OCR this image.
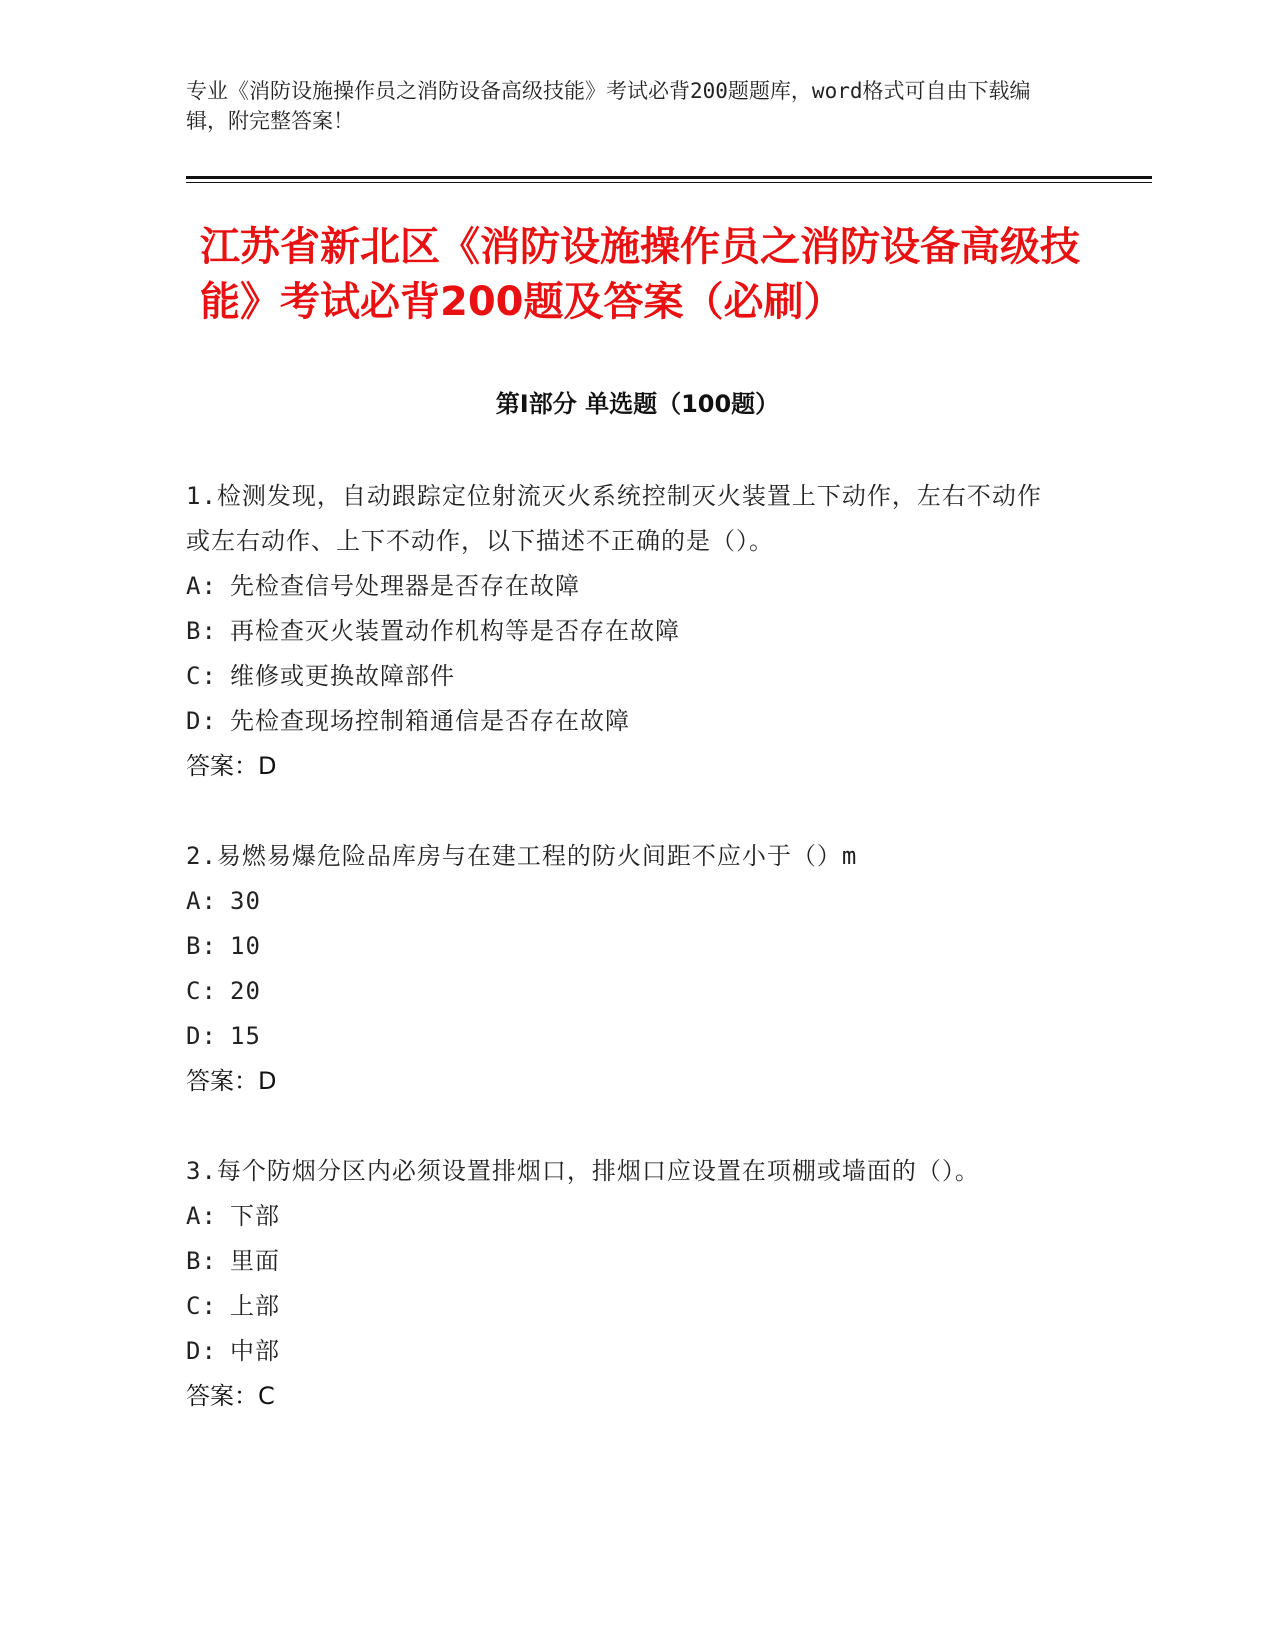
专业《消防设施操作员之消防设备高级技能》考试必背200题题库，word格式可自由下载编辑，附完整答案！
江苏省新北区《消防设施操作员之消防设备高级技能》考试必背200题及答案（必刷）
第I部分 单选题（100题）
1.检测发现，自动跟踪定位射流灭火系统控制灭火装置上下动作，左右不动作或左右动作、上下不动作，以下描述不正确的是（）。
A: 先检查信号处理器是否存在故障
B: 再检查灭火装置动作机构等是否存在故障
C: 维修或更换故障部件
D: 先检查现场控制箱通信是否存在故障
答案：D
2.易燃易爆危险品库房与在建工程的防火间距不应小于（）m
A: 30
B: 10
C: 20
D: 15
答案：D
3.每个防烟分区内必须设置排烟口，排烟口应设置在项棚或墙面的（）。
A: 下部
B: 里面
C: 上部
D: 中部
答案：C
